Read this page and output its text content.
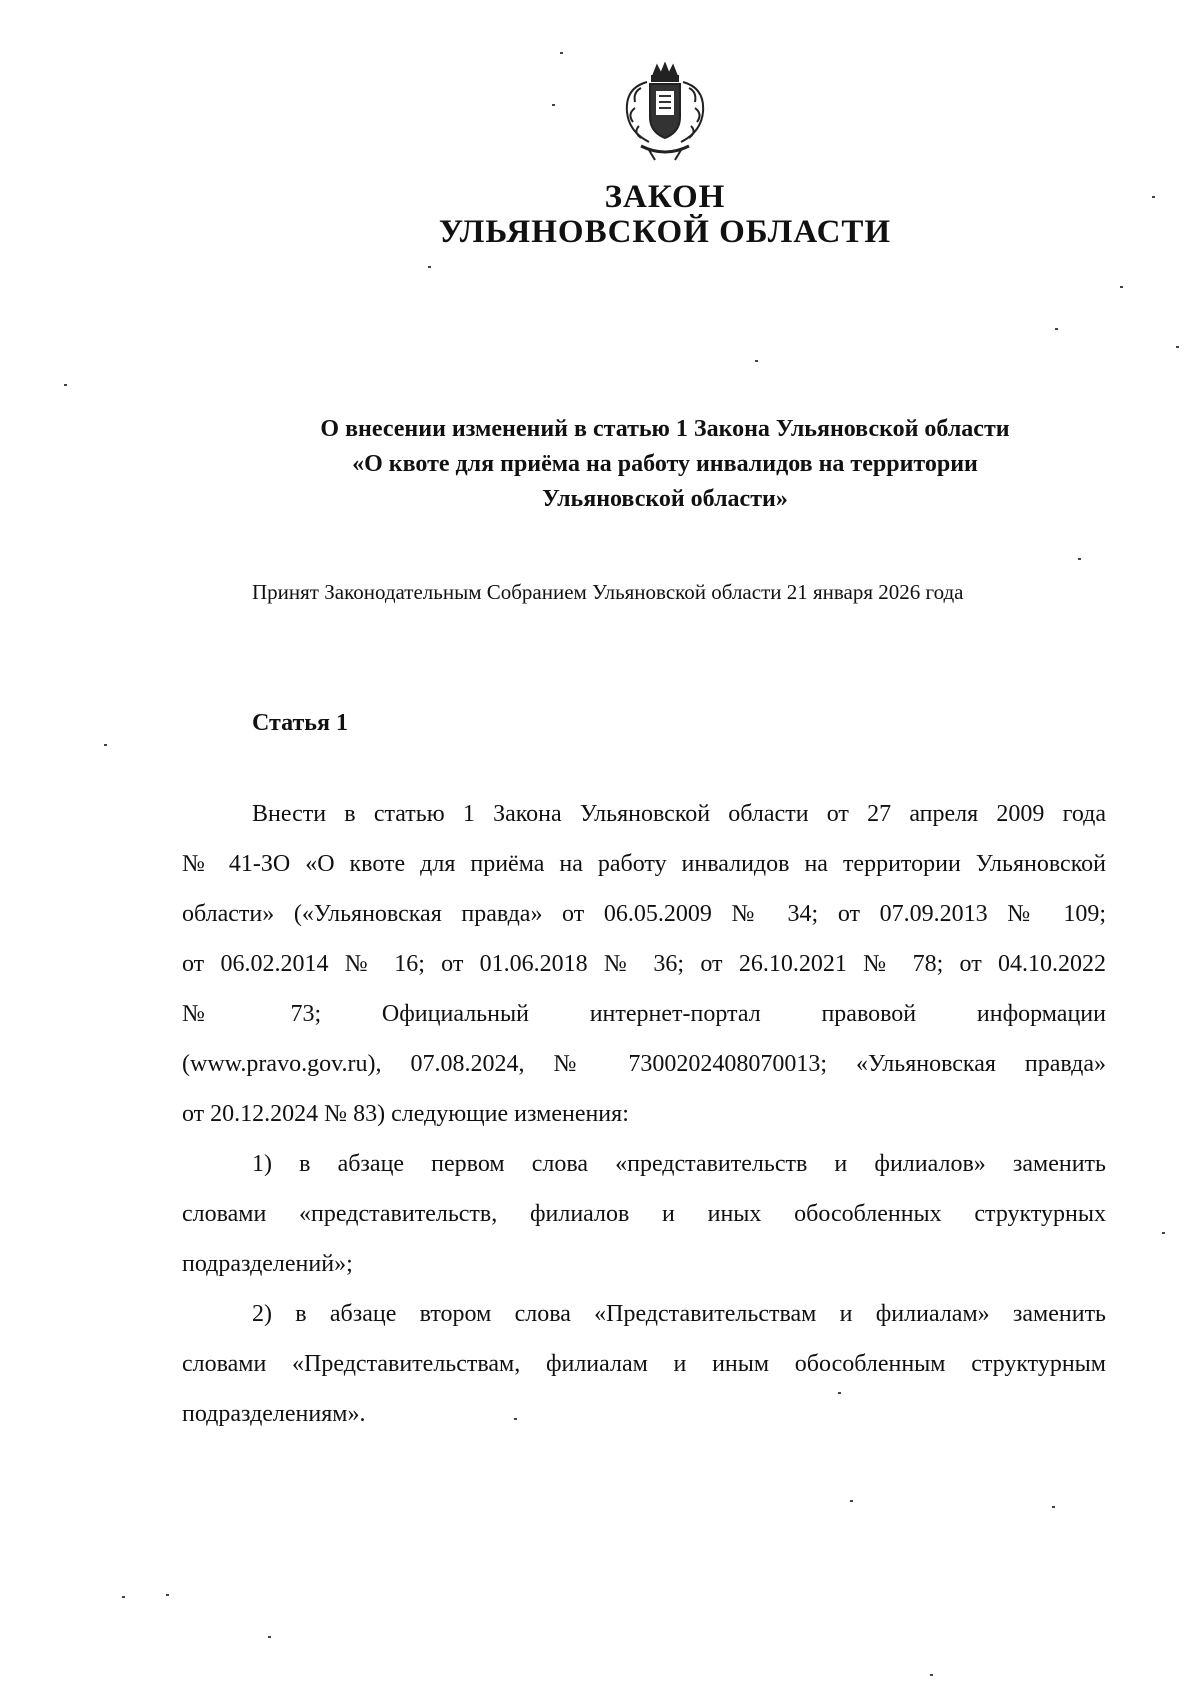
ЗАКОН
УЛЬЯНОВСКОЙ ОБЛАСТИ
О внесении изменений в статью 1 Закона Ульяновской области
«О квоте для приёма на работу инвалидов на территории
Ульяновской области»
Принят Законодательным Собранием Ульяновской области 21 января 2026 года
Статья 1
Внести в статью 1 Закона Ульяновской области от 27 апреля 2009 года
№ 41-ЗО «О квоте для приёма на работу инвалидов на территории Ульяновской
области» («Ульяновская правда» от 06.05.2009 № 34; от 07.09.2013 № 109;
от 06.02.2014 № 16; от 01.06.2018 № 36; от 26.10.2021 № 78; от 04.10.2022
№ 73; Официальный интернет-портал правовой информации
(www.pravo.gov.ru), 07.08.2024, № 7300202408070013; «Ульяновская правда»
от 20.12.2024 № 83) следующие изменения:
1) в абзаце первом слова «представительств и филиалов» заменить
словами «представительств, филиалов и иных обособленных структурных
подразделений»;
2) в абзаце втором слова «Представительствам и филиалам» заменить
словами «Представительствам, филиалам и иным обособленным структурным
подразделениям».
